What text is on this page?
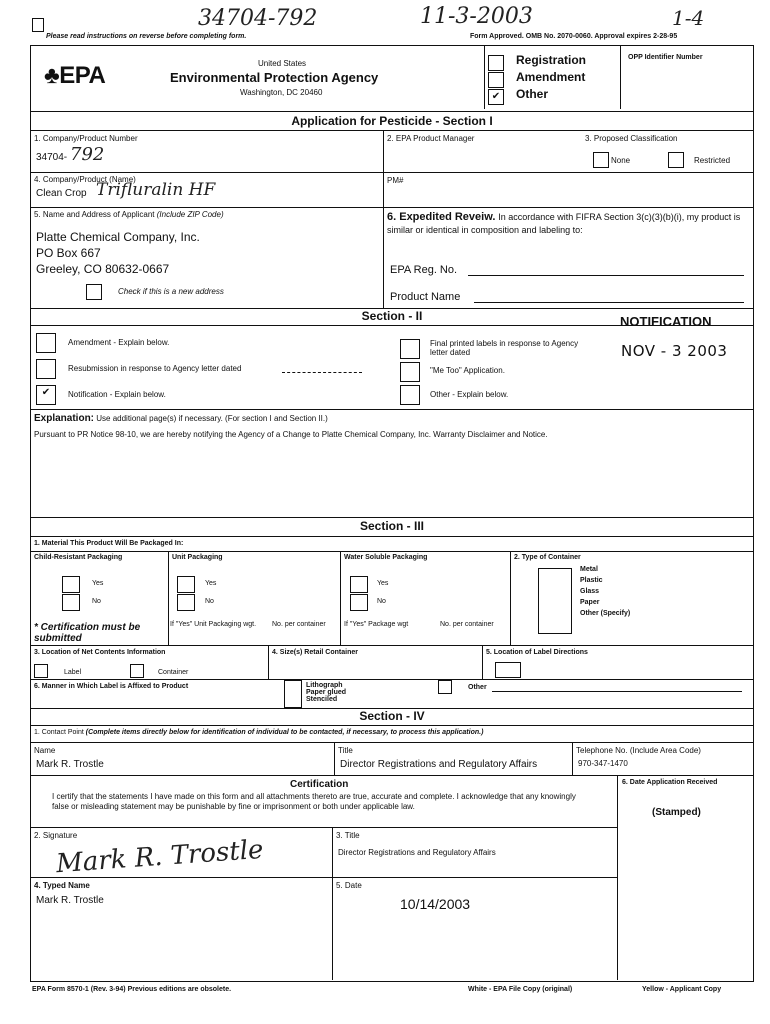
34704-792	11-3-2003	1-4
Please read instructions on reverse before completing form.	Form Approved. OMB No. 2070-0060. Approval expires 2-28-95
♣EPA	United States
Environmental Protection Agency
Washington, DC 20460
Registration
Amendment
✔	Other
OPP Identifier Number
Application for Pesticide - Section I
1. Company/Product Number
34704- 792
2. EPA Product Manager	3. Proposed Classification
None	Restricted
4. Company/Product (Name)
Clean Crop Trifluralin HF	PM#
5. Name and Address of Applicant (Include ZIP Code)
Platte Chemical Company, Inc.
PO Box 667
Greeley, CO 80632-0667
Check if this is a new address
6. Expedited Reveiw. In accordance with FIFRA Section 3(c)(3)(b)(i), my product is similar or identical in composition and labeling to:
EPA Reg. No.
Product Name
Section - II	NOTIFICATION
Amendment - Explain below.
Resubmission in response to Agency letter dated
✔	Notification - Explain below.
Final printed labels in response to Agency letter dated	NOV - 3 2003
"Me Too" Application.
Other - Explain below.
Explanation: Use additional page(s) if necessary. (For section I and Section II.)
Pursuant to PR Notice 98-10, we are hereby notifying the Agency of a Change to Platte Chemical Company, Inc. Warranty Disclaimer and Notice.
Section - III
1. Material This Product Will Be Packaged In:
Child-Resistant Packaging
Yes
No
* Certification must be submitted
Unit Packaging
Yes
No
If "Yes" Unit Packaging wgt.	No. per container
Water Soluble Packaging
Yes
No
If "Yes" Package wgt	No. per container
2. Type of Container
Metal
Plastic
Glass
Paper
Other (Specify)
3. Location of Net Contents Information
Label	Container
4. Size(s) Retail Container	5. Location of Label Directions
6. Manner in Which Label is Affixed to Product	Lithograph
Paper glued
Stenciled
Other
Section - IV
1. Contact Point (Complete items directly below for identification of individual to be contacted, if necessary, to process this application.)
Name
Mark R. Trostle
Title
Director Registrations and Regulatory Affairs
Telephone No. (Include Area Code)
970-347-1470
Certification
I certify that the statements I have made on this form and all attachments thereto are true, accurate and complete. I acknowledge that any knowingly false or misleading statement may be punishable by fine or imprisonment or both under applicable law.
6. Date Application Received
(Stamped)
2. Signature
Mark R. Trostle	3. Title
Director Registrations and Regulatory Affairs
4. Typed Name
Mark R. Trostle
5. Date
10/14/2003
EPA Form 8570-1 (Rev. 3-94) Previous editions are obsolete.	White - EPA File Copy (original)	Yellow - Applicant Copy
